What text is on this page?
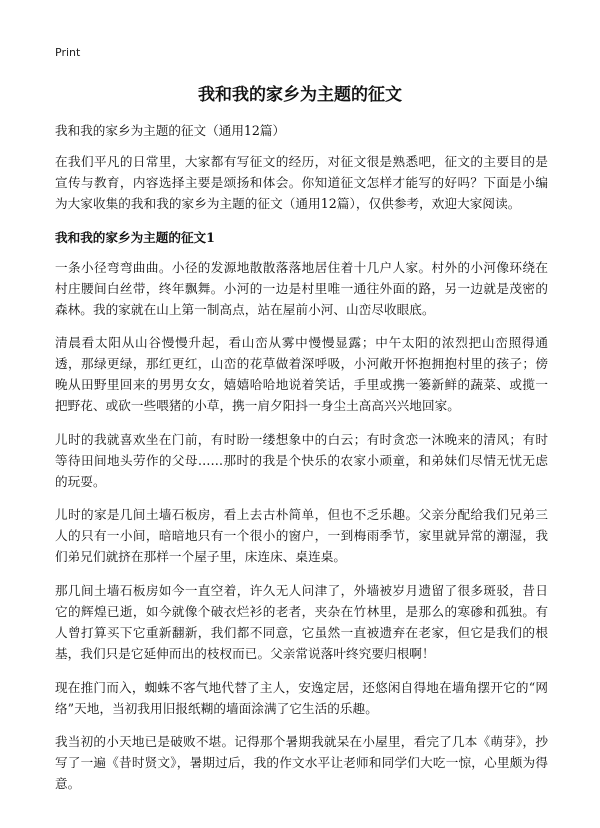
Print
我和我的家乡为主题的征文

我和我的家乡为主题的征文（通用12篇）

在我们平凡的日常里，大家都有写征文的经历，对征文很是熟悉吧，征文的主要目的是宣传与教育，内容选择主要是颂扬和体会。你知道征文怎样才能写的好吗？下面是小编为大家收集的我和我的家乡为主题的征文（通用12篇），仅供参考，欢迎大家阅读。

我和我的家乡为主题的征文1

一条小径弯弯曲曲。小径的发源地散散落落地居住着十几户人家。村外的小河像环绕在村庄腰间白丝带，终年飘舞。小河的一边是村里唯一通往外面的路，另一边就是茂密的森林。我的家就在山上第一制高点，站在屋前小河、山峦尽收眼底。

清晨看太阳从山谷慢慢升起，看山峦从雾中慢慢显露；中午太阳的浓烈把山峦照得通透，那绿更绿，那红更红，山峦的花草做着深呼吸，小河敞开怀抱拥抱村里的孩子；傍晚从田野里回来的男男女女，嬉嬉哈哈地说着笑话，手里或携一篓新鲜的蔬菜、或揽一把野花、或砍一些喂猪的小草，携一肩夕阳抖一身尘土高高兴兴地回家。

儿时的我就喜欢坐在门前，有时盼一缕想象中的白云；有时贪恋一沐晚来的清风；有时等待田间地头劳作的父母……那时的我是个快乐的农家小顽童，和弟妹们尽情无忧无虑的玩耍。

儿时的家是几间土墙石板房，看上去古朴简单，但也不乏乐趣。父亲分配给我们兄弟三人的只有一小间，暗暗地只有一个很小的窗户，一到梅雨季节，家里就异常的潮湿，我们弟兄们就挤在那样一个屋子里，床连床、桌连桌。

那几间土墙石板房如今一直空着，许久无人问津了，外墙被岁月遗留了很多斑驳，昔日它的辉煌已逝，如今就像个破衣烂衫的老者，夹杂在竹林里，是那么的寒碜和孤独。有人曾打算买下它重新翻新，我们都不同意，它虽然一直被遗弃在老家，但它是我们的根基，我们只是它延伸而出的枝杈而已。父亲常说落叶终究要归根啊！

现在推门而入，蜘蛛不客气地代替了主人，安逸定居，还悠闲自得地在墙角摆开它的“网络”天地，当初我用旧报纸糊的墙面涂满了它生活的乐趣。

我当初的小天地已是破败不堪。记得那个暑期我就呆在小屋里，看完了几本《萌芽》，抄写了一遍《昔时贤文》，暑期过后，我的作文水平让老师和同学们大吃一惊，心里颇为得意。
